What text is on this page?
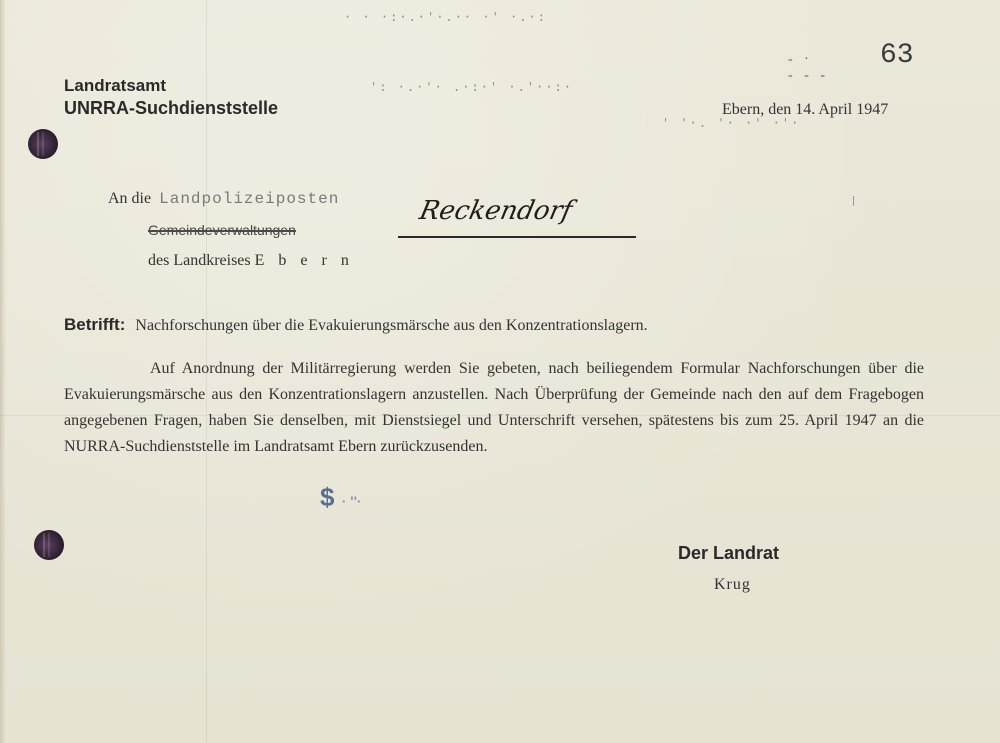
· · ·:·.·'·.·· ·' ·.·:
': ·.·'· .·:·' ·.'··:·
' '·. '· ·' ·'·
Landratsamt
UNRRA-Suchdienststelle
- ·
- - -
63
Ebern, den 14. April 1947
An die Landpolizeiposten
Gemeindeverwaltungen
des Landkreises E b e r n
Reckendorf
Betrifft: Nachforschungen über die Evakuierungsmärsche aus den Konzentrationslagern.
Auf Anordnung der Militärregierung werden Sie gebeten, nach beiliegendem Formular Nachforschungen über die Evakuierungsmärsche aus den Konzentrationslagern anzustellen. Nach Überprüfung der Gemeinde nach den auf dem Fragebogen angegebenen Fragen, haben Sie denselben, mit Dienstsiegel und Unterschrift versehen, spätestens bis zum 25. April 1947 an die NURRA-Suchdienststelle im Landratsamt Ebern zurückzusenden.
$ · ''·
Der Landrat
Krug
